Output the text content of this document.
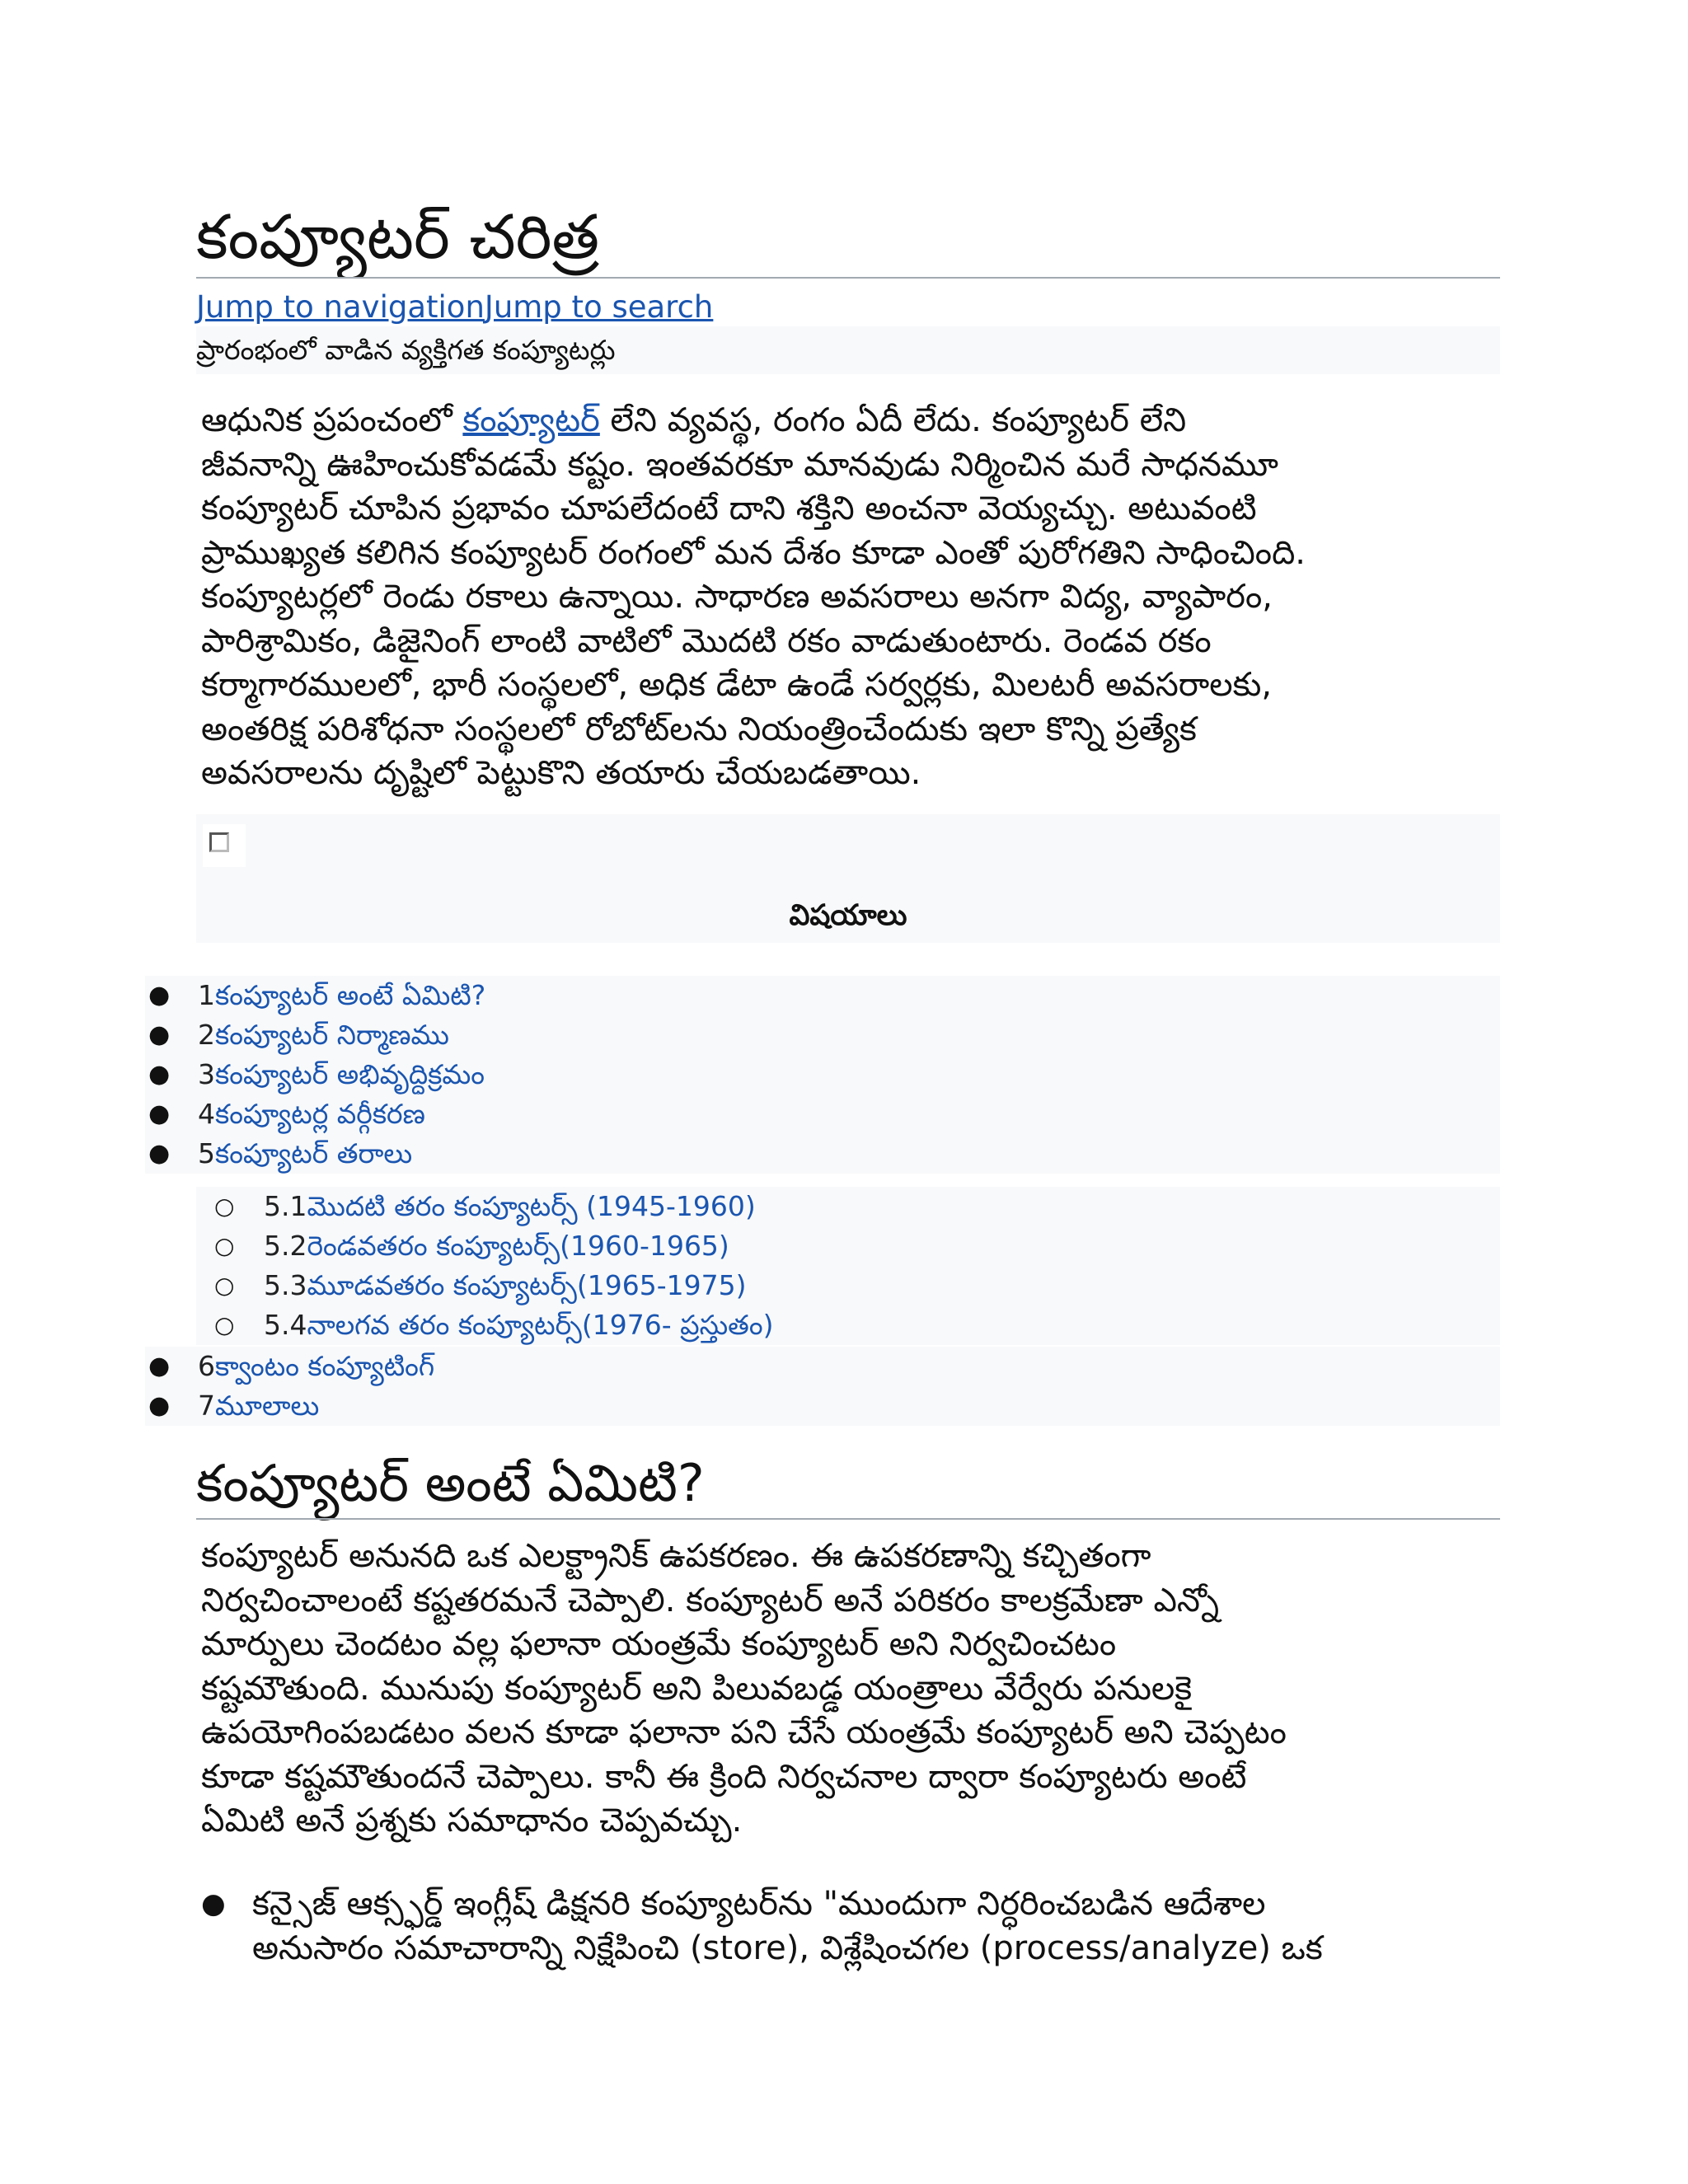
కంప్యూటర్ చరిత్ర
Jump to navigationJump to search
ప్రారంభంలో వాడిన వ్యక్తిగత కంప్యూటర్లు

ఆధునిక ప్రపంచంలో కంప్యూటర్ లేని వ్యవస్థ, రంగం ఏదీ లేదు. కంప్యూటర్ లేని

జీవనాన్ని ఊహించుకోవడమే కష్టం. ఇంతవరకూ మానవుడు నిర్మించిన మరే సాధనమూ

కంప్యూటర్ చూపిన ప్రభావం చూపలేదంటే దాని శక్తిని అంచనా వెయ్యచ్చు. అటువంటి

ప్రాముఖ్యత కలిగిన కంప్యూటర్ రంగంలో మన దేశం కూడా ఎంతో పురోగతిని సాధించింది.

కంప్యూటర్లలో రెండు రకాలు ఉన్నాయి. సాధారణ అవసరాలు అనగా విద్య, వ్యాపారం,

పారిశ్రామికం, డిజైనింగ్ లాంటి వాటిలో మొదటి రకం వాడుతుంటారు. రెండవ రకం

కర్మాగారములలో, భారీ సంస్థలలో, అధిక డేటా ఉండే సర్వర్లకు, మిలటరీ అవసరాలకు,

అంతరిక్ష పరిశోధనా సంస్థలలో రోబోట్‌లను నియంత్రించేందుకు ఇలా కొన్ని ప్రత్యేక

అవసరాలను దృష్టిలో పెట్టుకొని తయారు చేయబడతాయి.

విషయాలు
● 1కంప్యూటర్ అంటే ఏమిటి?
● 2కంప్యూటర్ నిర్మాణము
● 3కంప్యూటర్ అభివృద్ధిక్రమం
● 4కంప్యూటర్ల వర్గీకరణ
● 5కంప్యూటర్ తరాలు
○ 5.1మొదటి తరం కంప్యూటర్స్ (1945-1960)
○ 5.2రెండవతరం కంప్యూటర్స్(1960-1965)
○ 5.3మూడవతరం కంప్యూటర్స్(1965-1975)
○ 5.4నాలగవ తరం కంప్యూటర్స్(1976- ప్రస్తుతం)
● 6క్వాంటం కంప్యూటింగ్
● 7మూలాలు
కంప్యూటర్ అంటే ఏమిటి?

కంప్యూటర్ అనునది ఒక ఎలక్ట్రానిక్ ఉపకరణం. ఈ ఉపకరణాన్ని కచ్చితంగా

నిర్వచించాలంటే కష్టతరమనే చెప్పాలి. కంప్యూటర్ అనే పరికరం కాలక్రమేణా ఎన్నో

మార్పులు చెందటం వల్ల ఫలానా యంత్రమే కంప్యూటర్ అని నిర్వచించటం

కష్టమౌతుంది. మునుపు కంప్యూటర్ అని పిలువబడ్డ యంత్రాలు వేర్వేరు పనులకై

ఉపయోగింపబడటం వలన కూడా ఫలానా పని చేసే యంత్రమే కంప్యూటర్ అని చెప్పటం

కూడా కష్టమౌతుందనే చెప్పాలు. కానీ ఈ క్రింది నిర్వచనాల ద్వారా కంప్యూటరు అంటే

ఏమిటి అనే ప్రశ్నకు సమాధానం చెప్పవచ్చు.

● కన్సైజ్ ఆక్స్ఫర్డ్ ఇంగ్లీష్ డిక్షనరి కంప్యూటర్‌ను "ముందుగా నిర్ధరించబడిన ఆదేశాల

అనుసారం సమాచారాన్ని నిక్షేపించి (store), విశ్లేషించగల (process/analyze) ఒక
